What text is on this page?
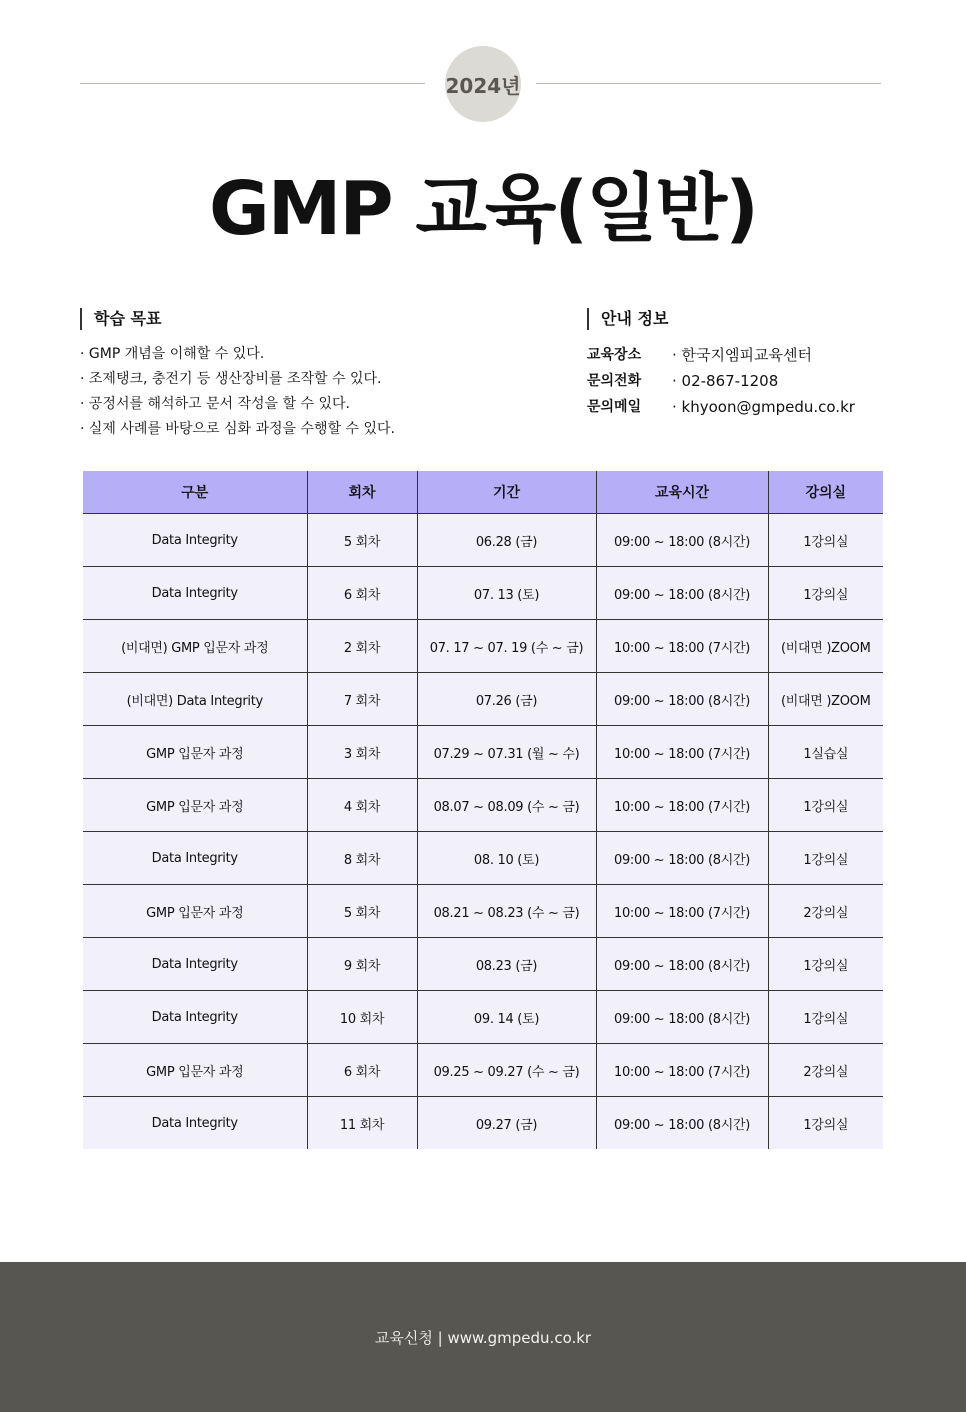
2024년
GMP 교육(일반)
학습 목표
· GMP 개념을 이해할 수 있다.
· 조제탱크, 충전기 등 생산장비를 조작할 수 있다.
· 공정서를 해석하고 문서 작성을 할 수 있다.
· 실제 사례를 바탕으로 심화 과정을 수행할 수 있다.
안내 정보
교육장소	· 한국지엠피교육센터
문의전화	· 02-867-1208
문의메일	· khyoon@gmpedu.co.kr
구분	회차	기간	교육시간	강의실
Data Integrity	5 회차	06.28 (금)	09:00 ~ 18:00 (8시간)	1강의실
Data Integrity	6 회차	07. 13 (토)	09:00 ~ 18:00 (8시간)	1강의실
(비대면) GMP 입문자 과정	2 회차	07. 17 ~ 07. 19 (수 ~ 금)	10:00 ~ 18:00 (7시간)	(비대면 )ZOOM
(비대면) Data Integrity	7 회차	07.26 (금)	09:00 ~ 18:00 (8시간)	(비대면 )ZOOM
GMP 입문자 과정	3 회차	07.29 ~ 07.31 (월 ~ 수)	10:00 ~ 18:00 (7시간)	1실습실
GMP 입문자 과정	4 회차	08.07 ~ 08.09 (수 ~ 금)	10:00 ~ 18:00 (7시간)	1강의실
Data Integrity	8 회차	08. 10 (토)	09:00 ~ 18:00 (8시간)	1강의실
GMP 입문자 과정	5 회차	08.21 ~ 08.23 (수 ~ 금)	10:00 ~ 18:00 (7시간)	2강의실
Data Integrity	9 회차	08.23 (금)	09:00 ~ 18:00 (8시간)	1강의실
Data Integrity	10 회차	09. 14 (토)	09:00 ~ 18:00 (8시간)	1강의실
GMP 입문자 과정	6 회차	09.25 ~ 09.27 (수 ~ 금)	10:00 ~ 18:00 (7시간)	2강의실
Data Integrity	11 회차	09.27 (금)	09:00 ~ 18:00 (8시간)	1강의실
교육신청 | www.gmpedu.co.kr
